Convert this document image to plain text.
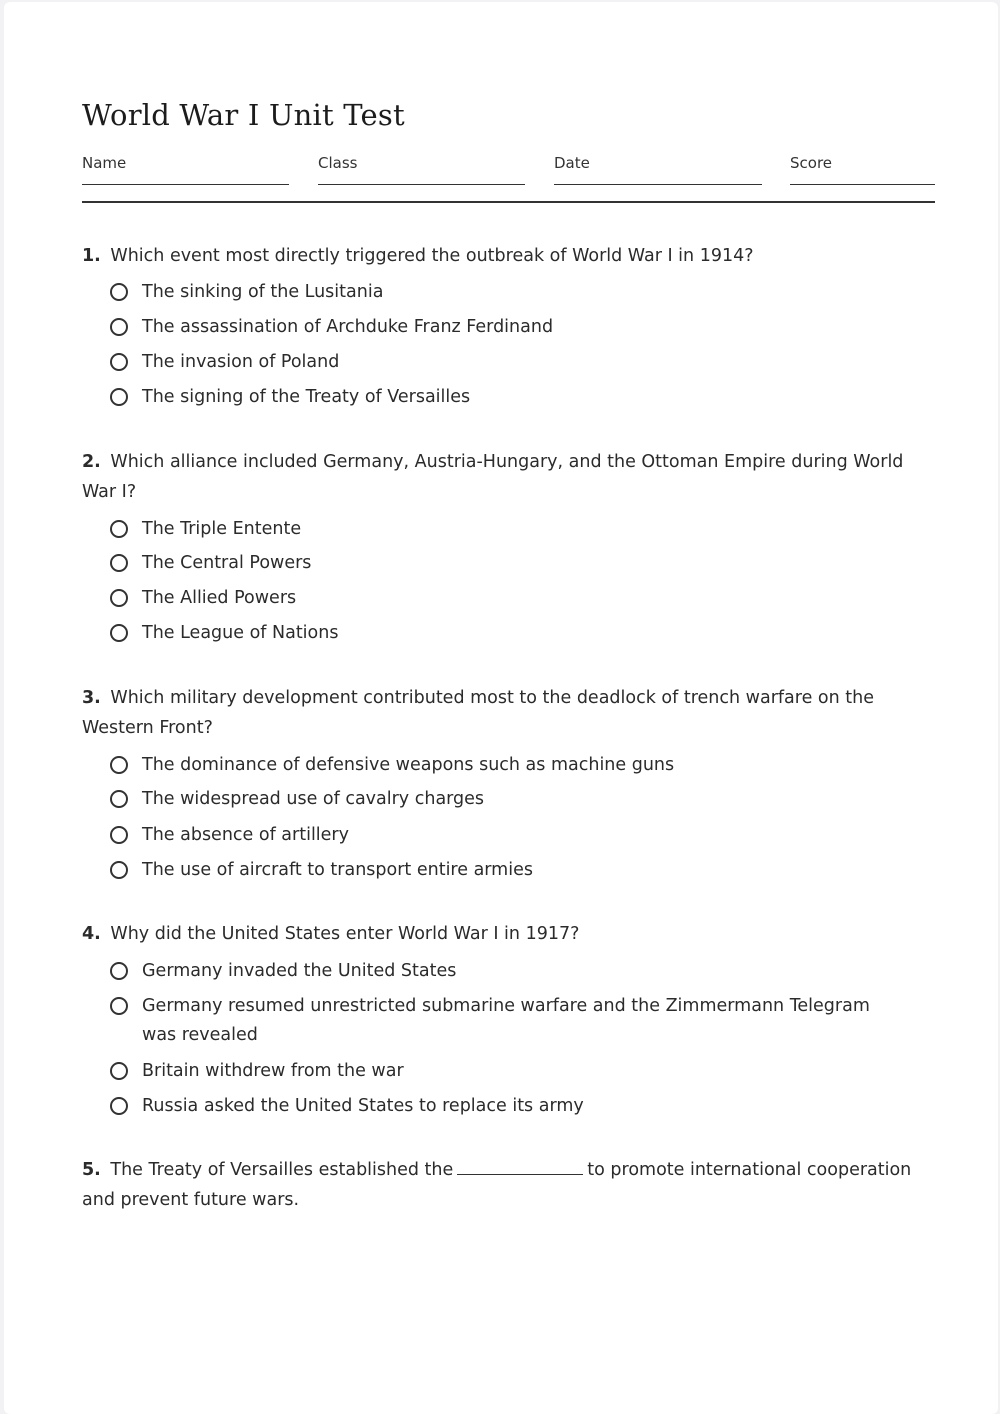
World War I Unit Test
Name	Class	Date	Score
1. Which event most directly triggered the outbreak of World War I in 1914?
The sinking of the Lusitania
The assassination of Archduke Franz Ferdinand
The invasion of Poland
The signing of the Treaty of Versailles
2. Which alliance included Germany, Austria-Hungary, and the Ottoman Empire during World War I?
The Triple Entente
The Central Powers
The Allied Powers
The League of Nations
3. Which military development contributed most to the deadlock of trench warfare on the Western Front?
The dominance of defensive weapons such as machine guns
The widespread use of cavalry charges
The absence of artillery
The use of aircraft to transport entire armies
4. Why did the United States enter World War I in 1917?
Germany invaded the United States
Germany resumed unrestricted submarine warfare and the Zimmermann Telegram was revealed
Britain withdrew from the war
Russia asked the United States to replace its army
5. The Treaty of Versailles established the	to promote international cooperation and prevent future wars.
